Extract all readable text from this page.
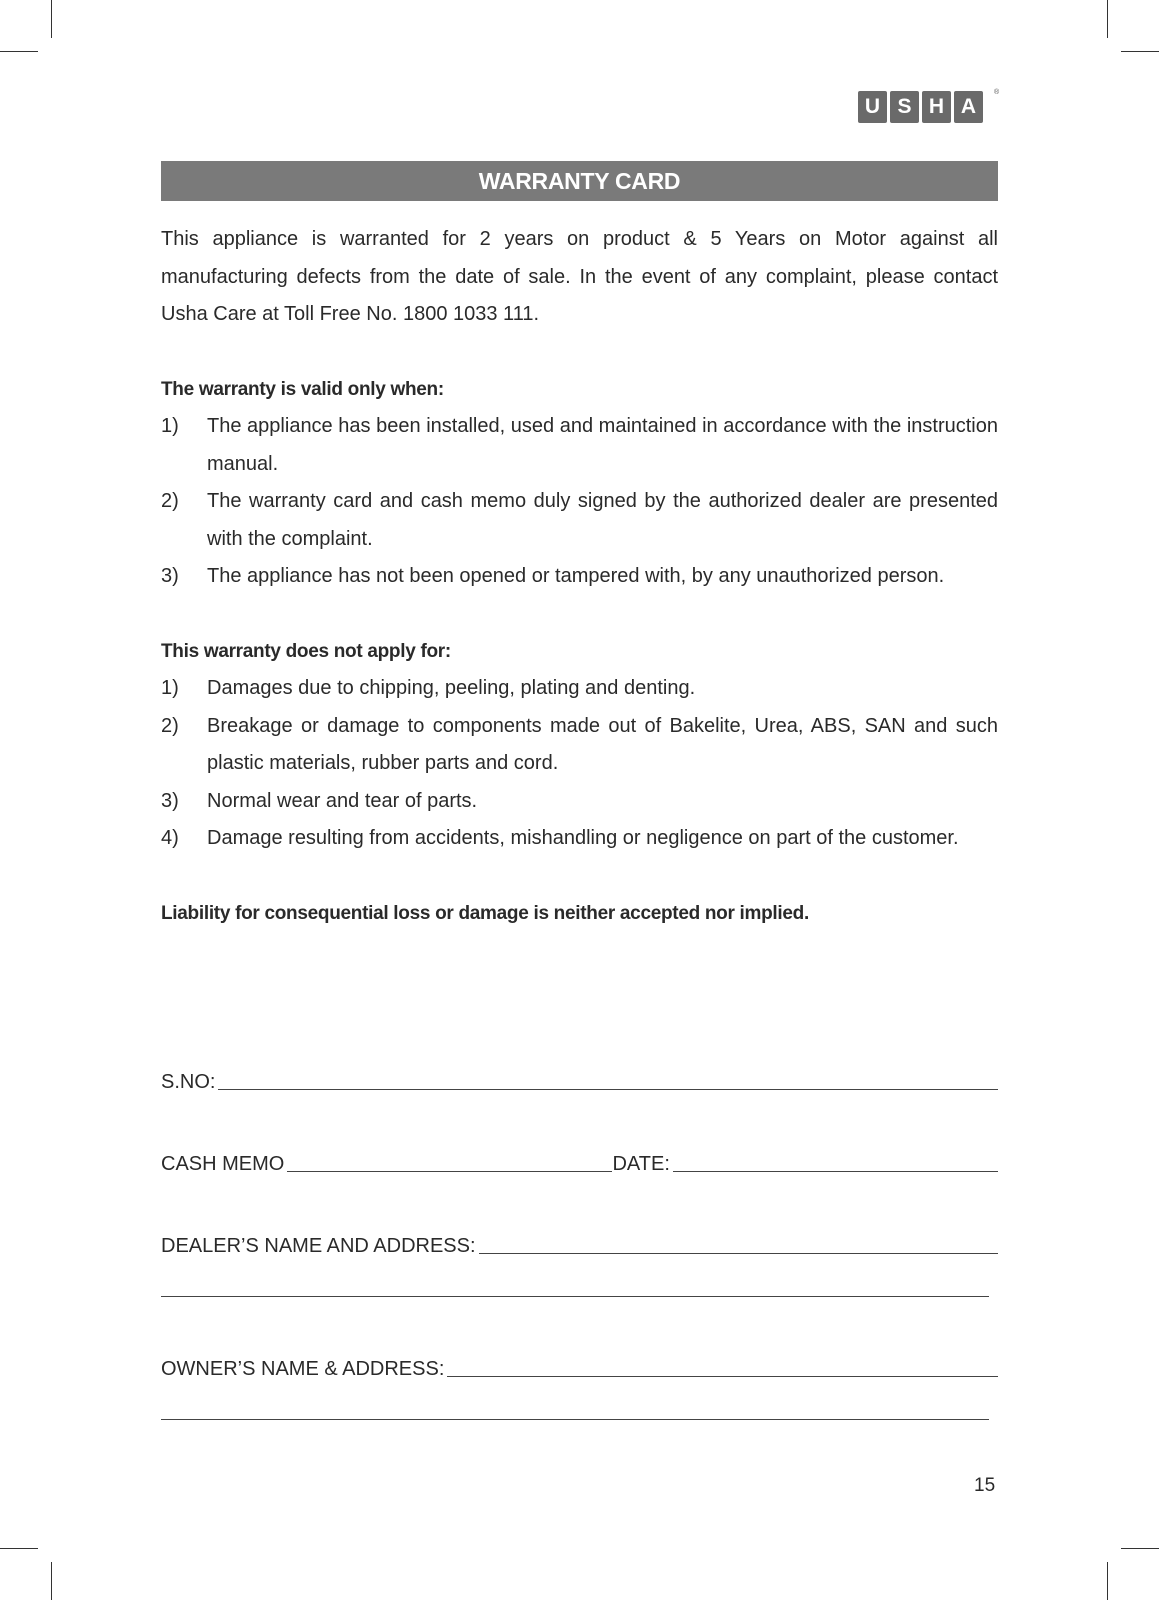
U S H A
®
WARRANTY CARD

This appliance is warranted for 2 years on product & 5 Years on Motor against all manufacturing defects from the date of sale. In the event of any complaint, please contact Usha Care at Toll Free No. 1800 1033 111.

The warranty is valid only when:

1)	The appliance has been installed, used and maintained in accordance with the instruction manual.
2)	The warranty card and cash memo duly signed by the authorized dealer are presented with the complaint.
3)	The appliance has not been opened or tampered with, by any unauthorized person.

This warranty does not apply for:

1)	Damages due to chipping, peeling, plating and denting.
2)	Breakage or damage to components made out of Bakelite, Urea, ABS, SAN and such plastic materials, rubber parts and cord.
3)	Normal wear and tear of parts.
4)	Damage resulting from accidents, mishandling or negligence on part of the customer.

Liability for consequential loss or damage is neither accepted nor implied.

S.NO:
CASH MEMO	DATE:
DEALER’S NAME AND ADDRESS:
OWNER’S NAME & ADDRESS:
15
